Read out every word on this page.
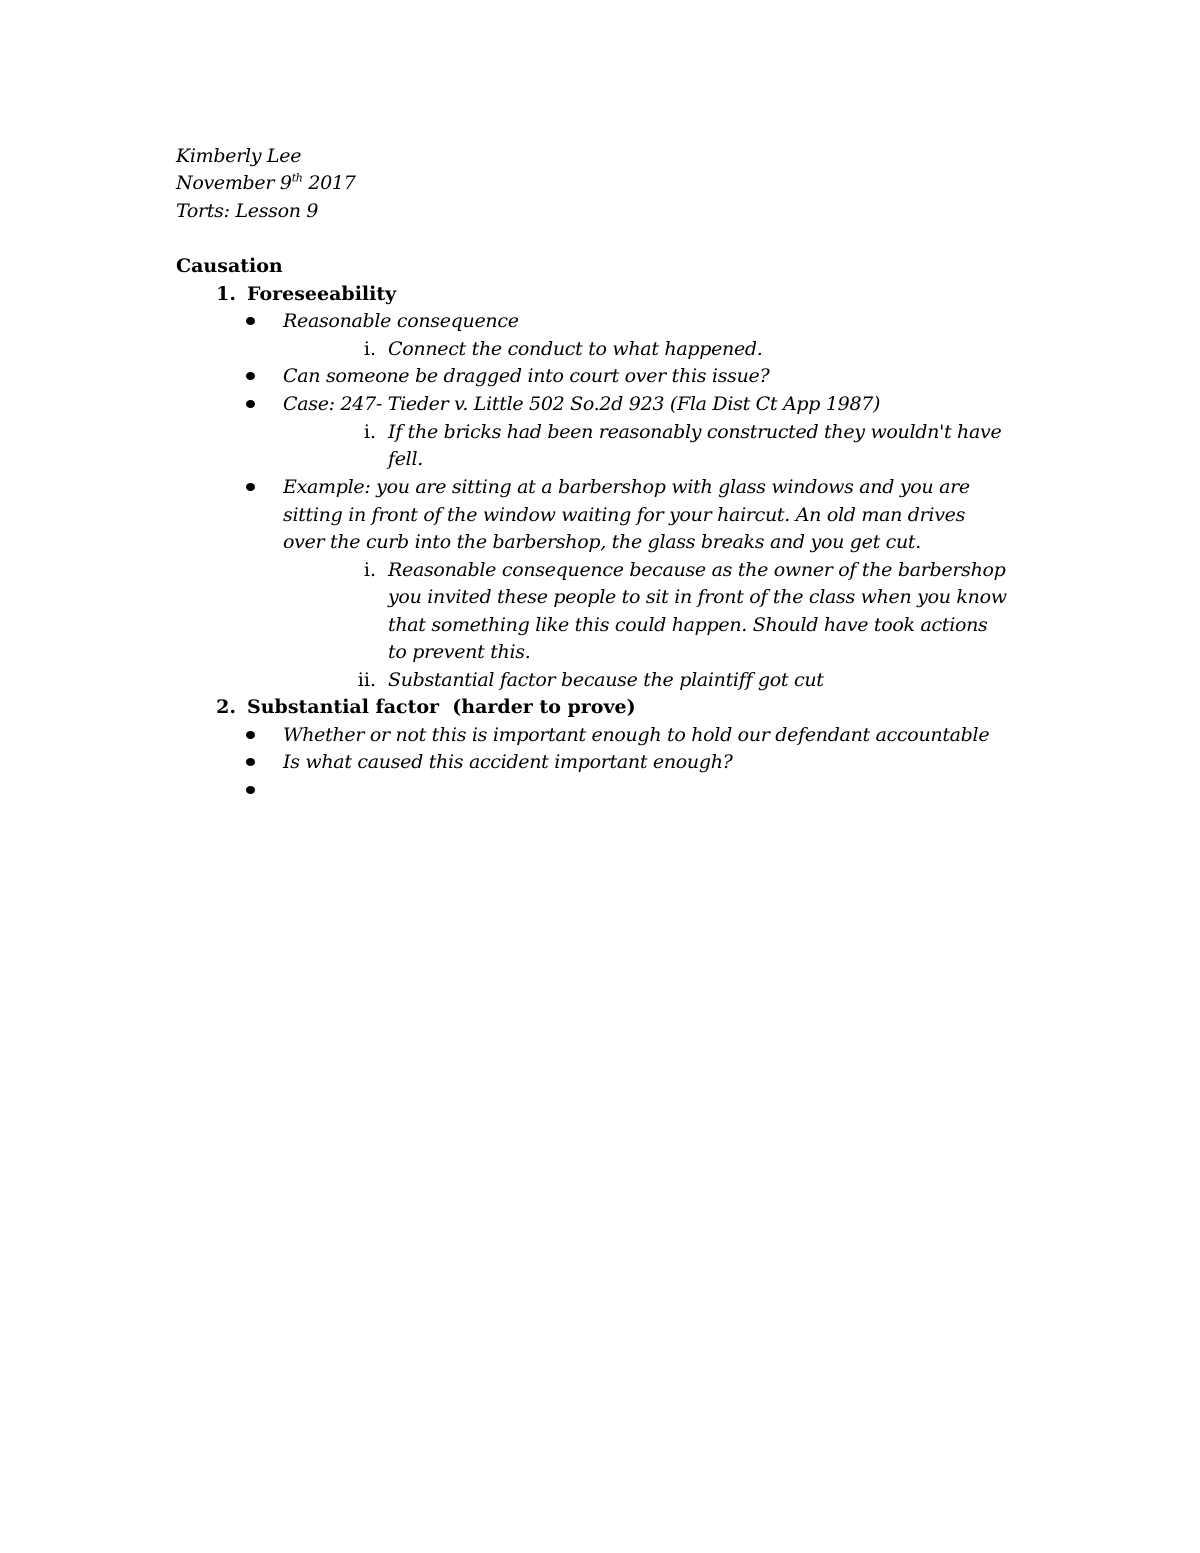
Kimberly Lee
November 9th 2017
Torts: Lesson 9
Causation
1. Foreseeability
Reasonable consequence
i. Connect the conduct to what happened.
Can someone be dragged into court over this issue?
Case: 247- Tieder v. Little 502 So.2d 923 (Fla Dist Ct App 1987)
i. If the bricks had been reasonably constructed they wouldn't have
fell.
Example: you are sitting at a barbershop with glass windows and you are
sitting in front of the window waiting for your haircut. An old man drives
over the curb into the barbershop, the glass breaks and you get cut.
i. Reasonable consequence because as the owner of the barbershop
you invited these people to sit in front of the class when you know
that something like this could happen. Should have took actions
to prevent this.
ii. Substantial factor because the plaintiff got cut
2. Substantial factor  (harder to prove)
Whether or not this is important enough to hold our defendant accountable
Is what caused this accident important enough?
